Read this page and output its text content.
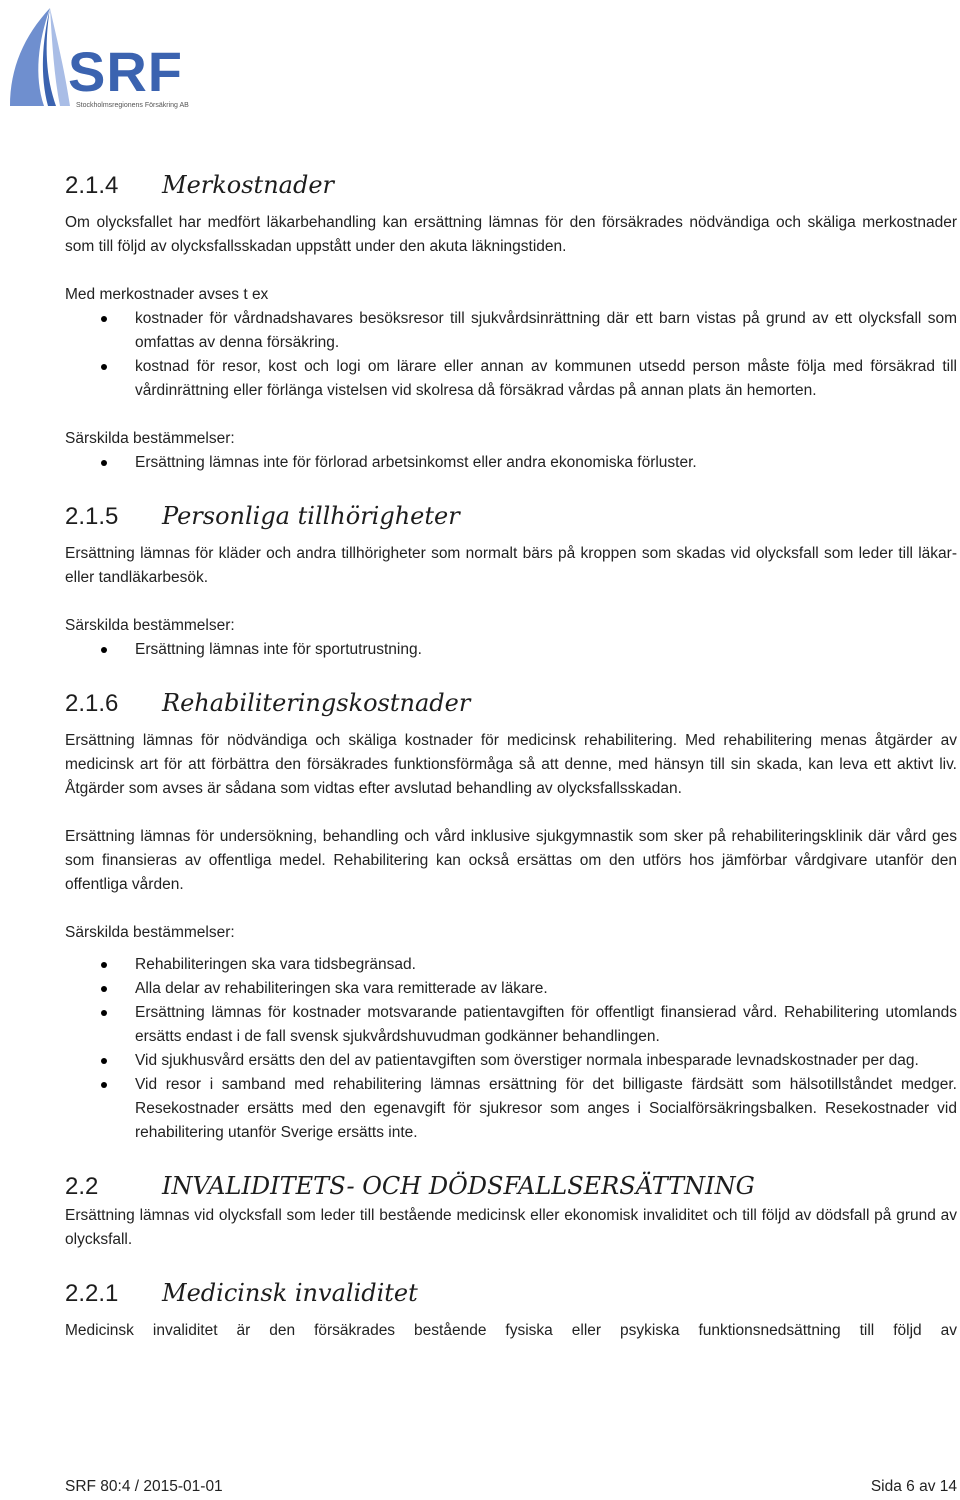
SRF
Stockholmsregionens Försäkring AB
2.1.4 Merkostnader

Om olycksfallet har medfört läkarbehandling kan ersättning lämnas för den försäkrades nödvändiga och skäliga merkostnader som till följd av olycksfallsskadan uppstått under den akuta läkningstiden.

Med merkostnader avses t ex

kostnader för vårdnadshavares besöksresor till sjukvårdsinrättning där ett barn vistas på grund av ett olycksfall som omfattas av denna försäkring.
kostnad för resor, kost och logi om lärare eller annan av kommunen utsedd person måste följa med försäkrad till vårdinrättning eller förlänga vistelsen vid skolresa då försäkrad vårdas på annan plats än hemorten.

Särskilda bestämmelser:

Ersättning lämnas inte för förlorad arbetsinkomst eller andra ekonomiska förluster.
2.1.5 Personliga tillhörigheter

Ersättning lämnas för kläder och andra tillhörigheter som normalt bärs på kroppen som skadas vid olycksfall som leder till läkar- eller tandläkarbesök.

Särskilda bestämmelser:

Ersättning lämnas inte för sportutrustning.
2.1.6 Rehabiliteringskostnader

Ersättning lämnas för nödvändiga och skäliga kostnader för medicinsk rehabilitering. Med rehabilitering menas åtgärder av medicinsk art för att förbättra den försäkrades funktionsförmåga så att denne, med hänsyn till sin skada, kan leva ett aktivt liv. Åtgärder som avses är sådana som vidtas efter avslutad behandling av olycksfallsskadan.

Ersättning lämnas för undersökning, behandling och vård inklusive sjukgymnastik som sker på rehabiliteringsklinik där vård ges som finansieras av offentliga medel. Rehabilitering kan också ersättas om den utförs hos jämförbar vårdgivare utanför den offentliga vården.

Särskilda bestämmelser:

Rehabiliteringen ska vara tidsbegränsad.
Alla delar av rehabiliteringen ska vara remitterade av läkare.
Ersättning lämnas för kostnader motsvarande patientavgiften för offentligt finansierad vård. Rehabilitering utomlands ersätts endast i de fall svensk sjukvårdshuvudman godkänner behandlingen.
Vid sjukhusvård ersätts den del av patientavgiften som överstiger normala inbesparade levnadskostnader per dag.
Vid resor i samband med rehabilitering lämnas ersättning för det billigaste färdsätt som hälsotillståndet medger. Resekostnader ersätts med den egenavgift för sjukresor som anges i Socialförsäkringsbalken. Resekostnader vid rehabilitering utanför Sverige ersätts inte.
2.2	INVALIDITETS- OCH DÖDSFALLSERSÄTTNING

Ersättning lämnas vid olycksfall som leder till bestående medicinsk eller ekonomisk invaliditet och till följd av dödsfall på grund av olycksfall.

2.2.1 Medicinsk invaliditet

Medicinsk invaliditet är den försäkrades bestående fysiska eller psykiska funktionsnedsättning till följd av

SRF 80:4 / 2015-01-01	Sida 6 av 14
